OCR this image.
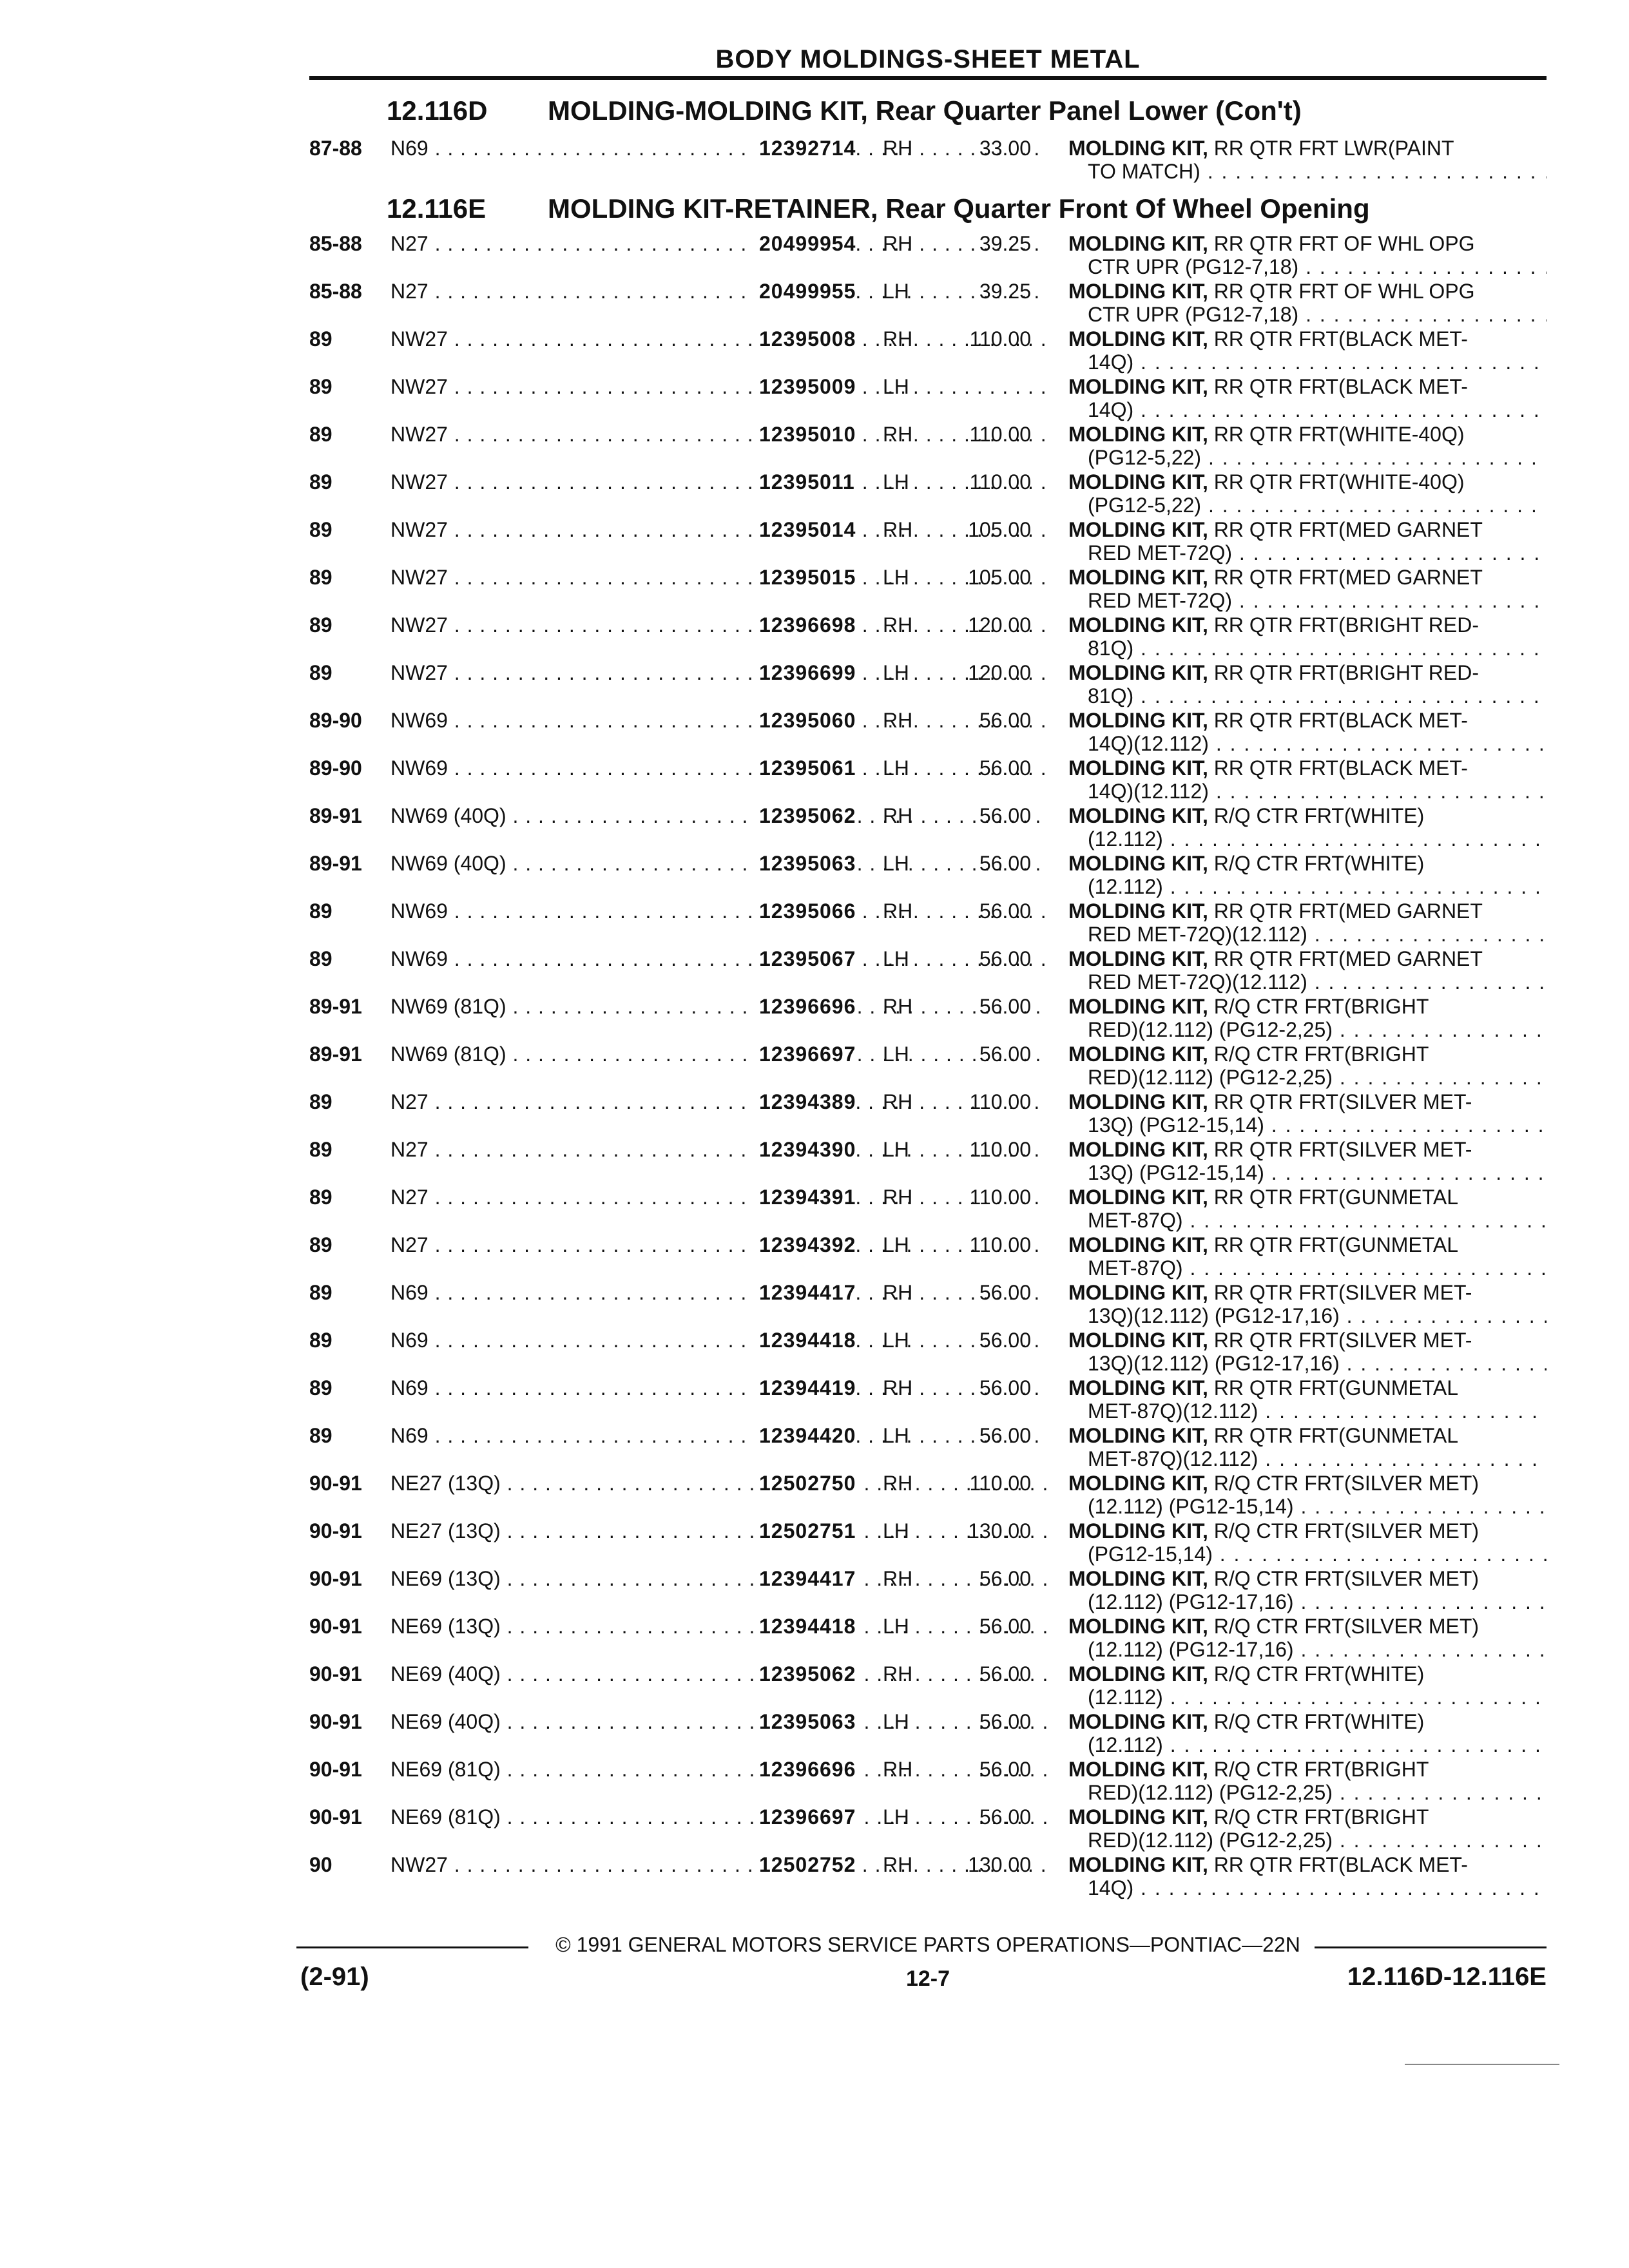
BODY MOLDINGS-SHEET METAL
12.116D MOLDING-MOLDING KIT, Rear Quarter Panel Lower (Con't)
12.116E MOLDING KIT-RETAINER, Rear Quarter Front Of Wheel Opening
87-88 N69 . . .	12392714 RH	33.00 MOLDING KIT, RR QTR FRT LWR(PAINT
TO MATCH) . . .
85-88 N27 . . .	20499954 RH	39.25 MOLDING KIT, RR QTR FRT OF WHL OPG
CTR UPR (PG12-7,18) . . .
85-88 N27 . . .	20499955 LH	39.25 MOLDING KIT, RR QTR FRT OF WHL OPG
CTR UPR (PG12-7,18) . . .
89	NW27 . . .	12395008 RH	110.00 MOLDING KIT, RR QTR FRT(BLACK MET-
14Q) . . .
89	NW27 . . .	12395009 LH	MOLDING KIT, RR QTR FRT(BLACK MET-
14Q) . . .
89	NW27 . . .	12395010 RH	110.00 MOLDING KIT, RR QTR FRT(WHITE-40Q)
(PG12-5,22) . . .
89	NW27 . . .	12395011 LH	110.00 MOLDING KIT, RR QTR FRT(WHITE-40Q)
(PG12-5,22) . . .
89	NW27 . . .	12395014 RH	105.00 MOLDING KIT, RR QTR FRT(MED GARNET
RED MET-72Q) . . .
89	NW27 . . .	12395015 LH	105.00 MOLDING KIT, RR QTR FRT(MED GARNET
RED MET-72Q) . . .
89	NW27 . . .	12396698 RH	120.00 MOLDING KIT, RR QTR FRT(BRIGHT RED-
81Q) . . .
89	NW27 . . .	12396699 LH	120.00 MOLDING KIT, RR QTR FRT(BRIGHT RED-
81Q) . . .
89-90 NW69 . . .	12395060 RH	56.00 MOLDING KIT, RR QTR FRT(BLACK MET-
14Q)(12.112) . . .
89-90 NW69 . . .	12395061 LH	56.00 MOLDING KIT, RR QTR FRT(BLACK MET-
14Q)(12.112) . . .
89-91 NW69 (40Q) . . .	12395062 RH	56.00 MOLDING KIT, R/Q CTR FRT(WHITE)
(12.112) . . .
89-91 NW69 (40Q) . . .	12395063 LH	56.00 MOLDING KIT, R/Q CTR FRT(WHITE)
(12.112) . . .
89	NW69 . . .	12395066 RH	56.00 MOLDING KIT, RR QTR FRT(MED GARNET
RED MET-72Q)(12.112) . . .
89	NW69 . . .	12395067 LH	56.00 MOLDING KIT, RR QTR FRT(MED GARNET
RED MET-72Q)(12.112) . . .
89-91 NW69 (81Q) . . .	12396696 RH	56.00 MOLDING KIT, R/Q CTR FRT(BRIGHT
RED)(12.112) (PG12-2,25) . . .
89-91 NW69 (81Q) . . .	12396697 LH	56.00 MOLDING KIT, R/Q CTR FRT(BRIGHT
RED)(12.112) (PG12-2,25) . . .
89	N27 . . .	12394389 RH	110.00 MOLDING KIT, RR QTR FRT(SILVER MET-
13Q) (PG12-15,14) . . .
89	N27 . . .	12394390 LH	110.00 MOLDING KIT, RR QTR FRT(SILVER MET-
13Q) (PG12-15,14) . . .
89	N27 . . .	12394391 RH	110.00 MOLDING KIT, RR QTR FRT(GUNMETAL
MET-87Q) . . .
89	N27 . . .	12394392 LH	110.00 MOLDING KIT, RR QTR FRT(GUNMETAL
MET-87Q) . . .
89	N69 . . .	12394417 RH	56.00 MOLDING KIT, RR QTR FRT(SILVER MET-
13Q)(12.112) (PG12-17,16) . . .
89	N69 . . .	12394418 LH	56.00 MOLDING KIT, RR QTR FRT(SILVER MET-
13Q)(12.112) (PG12-17,16) . . .
89	N69 . . .	12394419 RH	56.00 MOLDING KIT, RR QTR FRT(GUNMETAL
MET-87Q)(12.112) . . .
89	N69 . . .	12394420 LH	56.00 MOLDING KIT, RR QTR FRT(GUNMETAL
MET-87Q)(12.112) . . .
90-91 NE27 (13Q) . . .	12502750 RH	110.00 MOLDING KIT, R/Q CTR FRT(SILVER MET)
(12.112) (PG12-15,14) . . .
90-91 NE27 (13Q) . . .	12502751 LH	130.00 MOLDING KIT, R/Q CTR FRT(SILVER MET)
(PG12-15,14) . . .
90-91 NE69 (13Q) . . .	12394417 RH	56.00 MOLDING KIT, R/Q CTR FRT(SILVER MET)
(12.112) (PG12-17,16) . . .
90-91 NE69 (13Q) . . .	12394418 LH	56.00 MOLDING KIT, R/Q CTR FRT(SILVER MET)
(12.112) (PG12-17,16) . . .
90-91 NE69 (40Q) . . .	12395062 RH	56.00 MOLDING KIT, R/Q CTR FRT(WHITE)
(12.112) . . .
90-91 NE69 (40Q) . . .	12395063 LH	56.00 MOLDING KIT, R/Q CTR FRT(WHITE)
(12.112) . . .
90-91 NE69 (81Q) . . .	12396696 RH	56.00 MOLDING KIT, R/Q CTR FRT(BRIGHT
RED)(12.112) (PG12-2,25) . . .
90-91 NE69 (81Q) . . .	12396697 LH	56.00 MOLDING KIT, R/Q CTR FRT(BRIGHT
RED)(12.112) (PG12-2,25) . . .
90	NW27 . . .	12502752 RH	130.00 MOLDING KIT, RR QTR FRT(BLACK MET-
14Q) . . .
© 1991 GENERAL MOTORS SERVICE PARTS OPERATIONS—PONTIAC—22N
(2-91)	12-7	12.116D-12.116E
